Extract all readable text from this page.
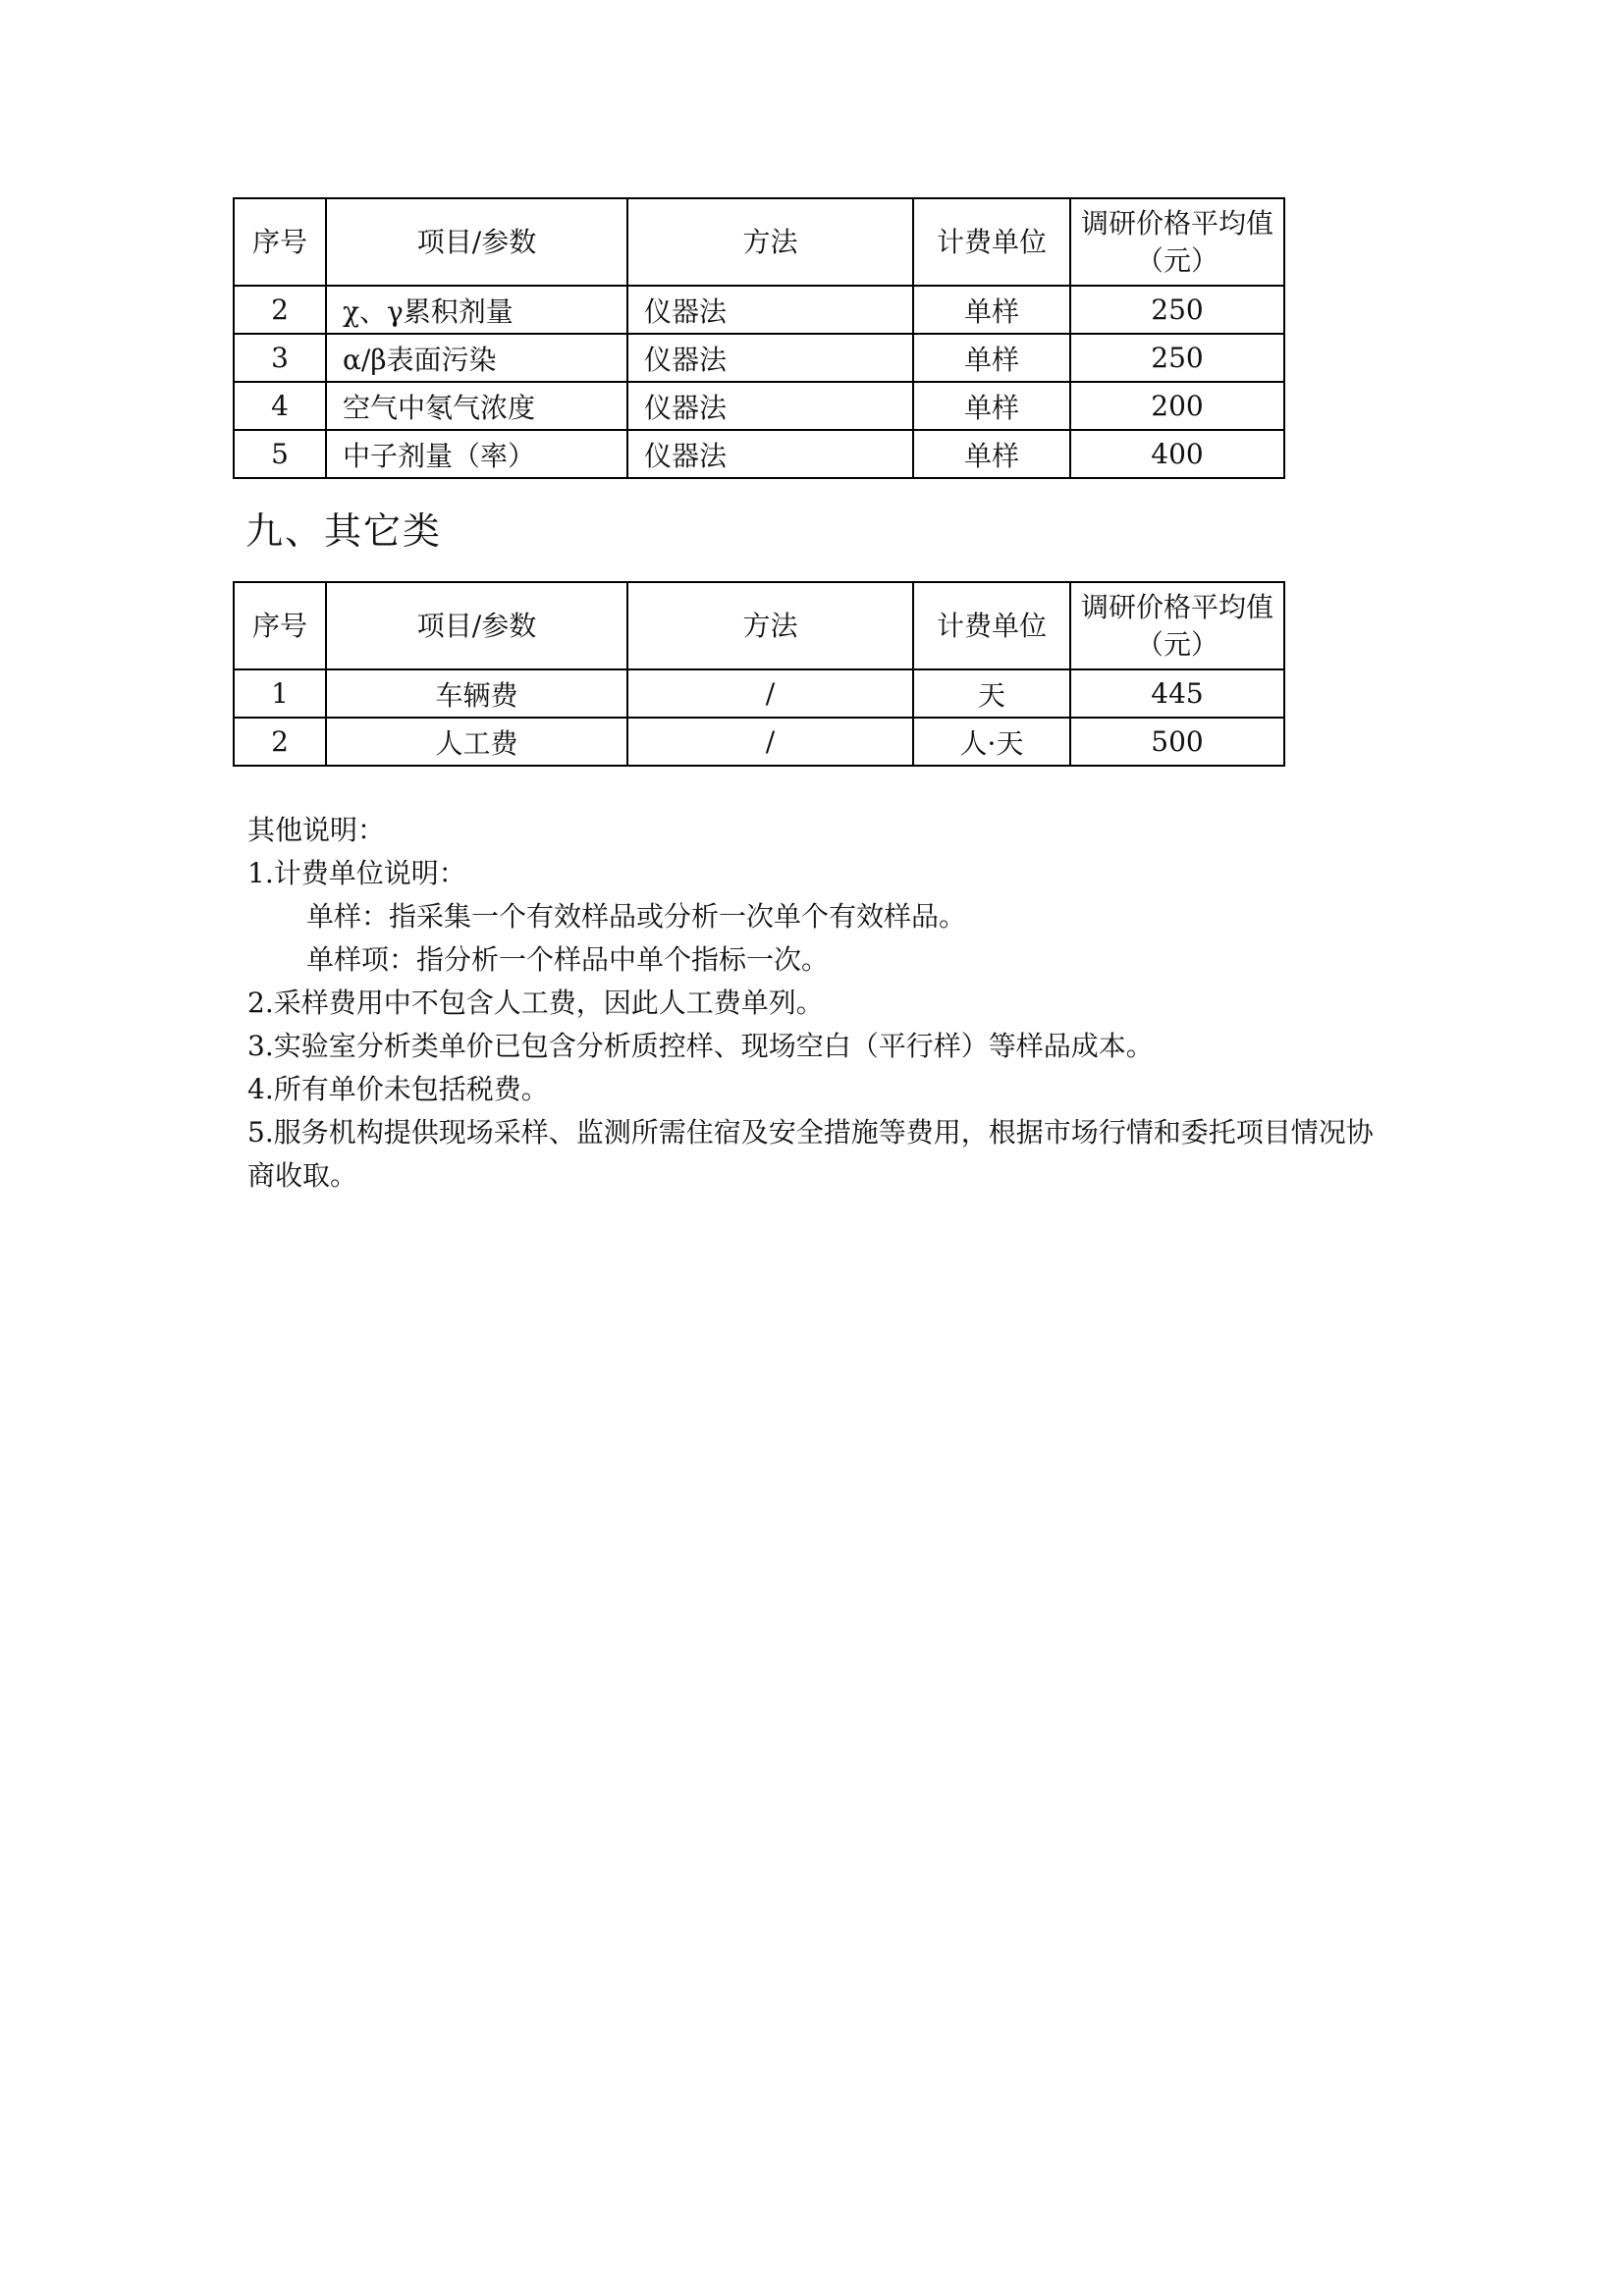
序号	项目/参数	方法	计费单位	调研价格平均值（元）
2	χ、γ累积剂量	仪器法	单样	250
3	α/β表面污染	仪器法	单样	250
4	空气中氡气浓度	仪器法	单样	200
5	中子剂量（率）	仪器法	单样	400
九、其它类
序号	项目/参数	方法	计费单位	调研价格平均值（元）
1	车辆费	/	天	445
2	人工费	/	人·天	500

其他说明：

1.计费单位说明：

单样：指采集一个有效样品或分析一次单个有效样品。

单样项：指分析一个样品中单个指标一次。

2.采样费用中不包含人工费，因此人工费单列。

3.实验室分析类单价已包含分析质控样、现场空白（平行样）等样品成本。

4.所有单价未包括税费。

5.服务机构提供现场采样、监测所需住宿及安全措施等费用，根据市场行情和委托项目情况协商收取。
